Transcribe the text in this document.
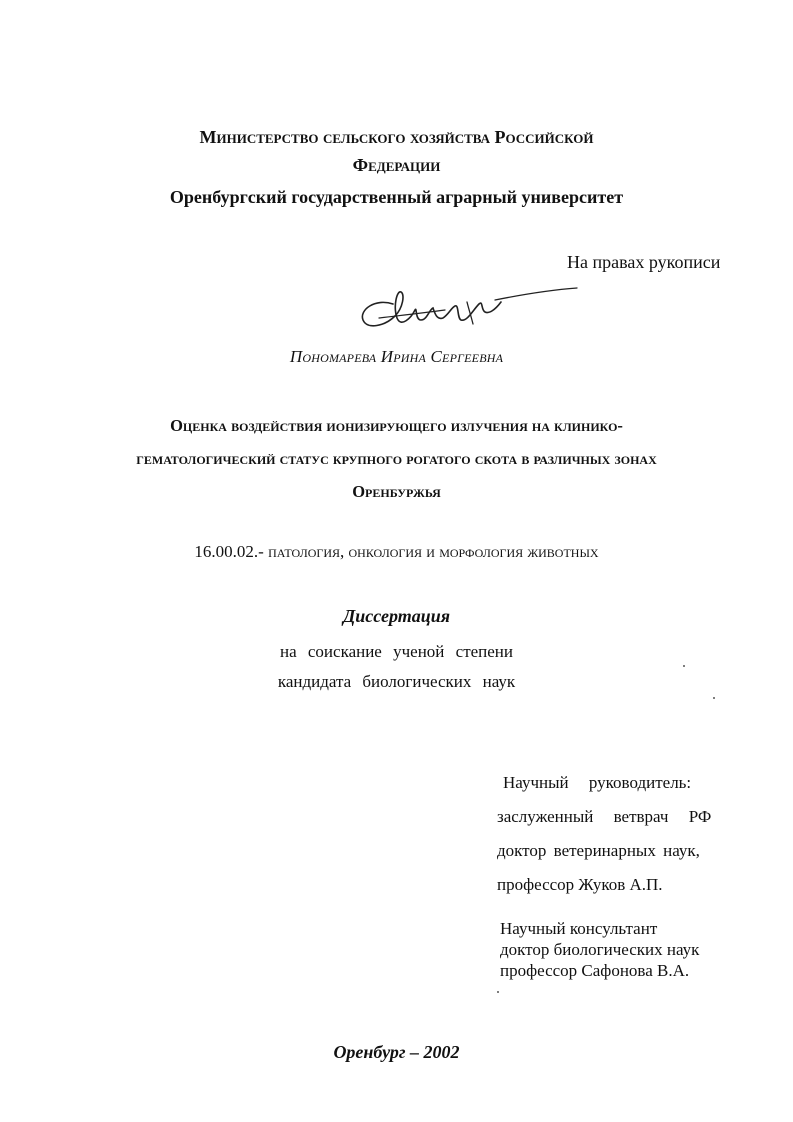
Министерство сельского хозяйства Российской
Федерации
Оренбургский государственный аграрный университет
На правах рукописи
Пономарева Ирина Сергеевна
Оценка воздействия ионизирующего излучения на клинико-
гематологический статус крупного рогатого скота в различных зонах
Оренбуржья
16.00.02.- патология, онкология и морфология животных
Диссертация
на соискание ученой степени
кандидата биологических наук
Научный руководитель:
заслуженный ветврач РФ
доктор ветеринарных наук,
профессор Жуков А.П.
Научный консультант
доктор биологических наук
профессор Сафонова В.А.
Оренбург – 2002
